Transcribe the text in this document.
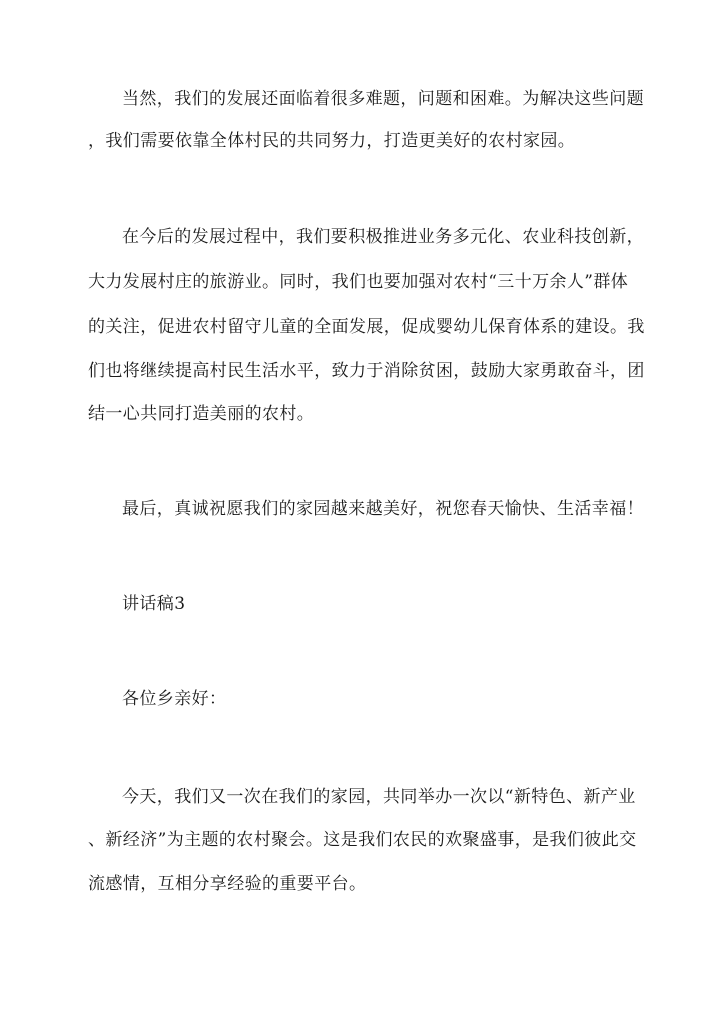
当然，我们的发展还面临着很多难题，问题和困难。为解决这些问题
，我们需要依靠全体村民的共同努力，打造更美好的农村家园。
在今后的发展过程中，我们要积极推进业务多元化、农业科技创新，
大力发展村庄的旅游业。同时，我们也要加强对农村“三十万余人”群体
的关注，促进农村留守儿童的全面发展，促成婴幼儿保育体系的建设。我
们也将继续提高村民生活水平，致力于消除贫困，鼓励大家勇敢奋斗，团
结一心共同打造美丽的农村。
最后，真诚祝愿我们的家园越来越美好，祝您春天愉快、生活幸福！
讲话稿3
各位乡亲好：
今天，我们又一次在我们的家园，共同举办一次以“新特色、新产业
、新经济”为主题的农村聚会。这是我们农民的欢聚盛事，是我们彼此交
流感情，互相分享经验的重要平台。
